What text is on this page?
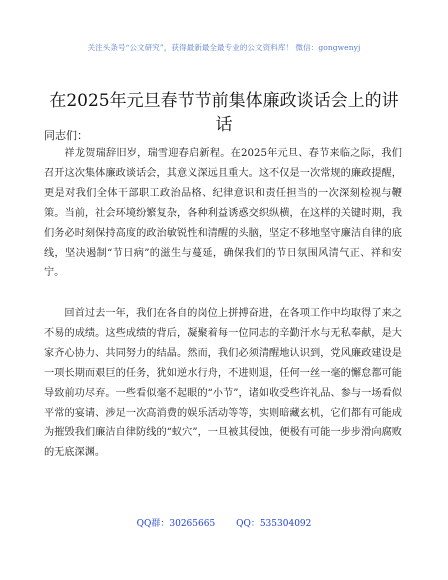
关注头条号“公文研究”，获得最新最全最专业的公文资料库！ 微信：gongwenyj
在2025年元旦春节节前集体廉政谈话会上的讲话
同志们：

祥龙贺瑞辞旧岁，瑞雪迎春启新程。在2025年元旦、春节来临之际，我们召开这次集体廉政谈话会，其意义深远且重大。这不仅是一次常规的廉政提醒，更是对我们全体干部职工政治品格、纪律意识和责任担当的一次深刻检视与鞭策。当前，社会环境纷繁复杂，各种利益诱惑交织纵横，在这样的关键时期，我们务必时刻保持高度的政治敏锐性和清醒的头脑，坚定不移地坚守廉洁自律的底线，坚决遏制“节日病”的滋生与蔓延，确保我们的节日氛围风清气正、祥和安宁。

回首过去一年，我们在各自的岗位上拼搏奋进，在各项工作中均取得了来之不易的成绩。这些成绩的背后，凝聚着每一位同志的辛勤汗水与无私奉献，是大家齐心协力、共同努力的结晶。然而，我们必须清醒地认识到，党风廉政建设是一项长期而艰巨的任务，犹如逆水行舟，不进则退，任何一丝一毫的懈怠都可能导致前功尽弃。一些看似毫不起眼的“小节”，诸如收受些许礼品、参与一场看似平常的宴请、涉足一次高消费的娱乐活动等等，实则暗藏玄机，它们都有可能成为摧毁我们廉洁自律防线的“蚁穴”，一旦被其侵蚀，便极有可能一步步滑向腐败的无底深渊。

QQ群：30265665 QQ：535304092
